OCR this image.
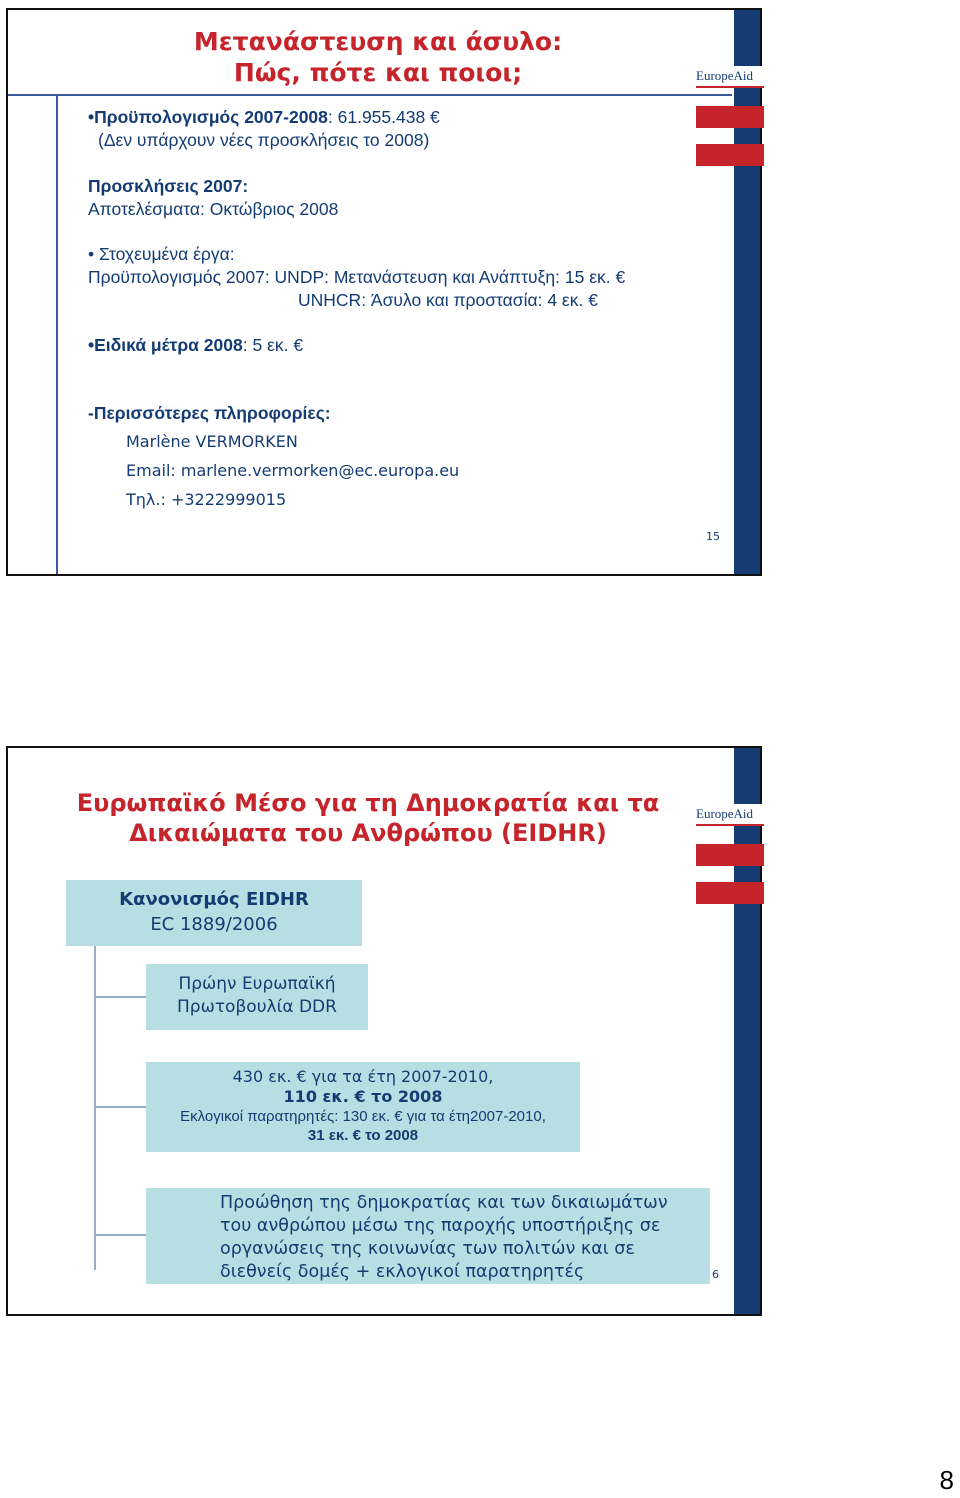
EuropeAid
Μετανάστευση και άσυλο:
Πώς, πότε και ποιοι;
•Προϋπολογισμός 2007-2008: 61.955.438 €
(Δεν υπάρχουν νέες προσκλήσεις το 2008)
Προσκλήσεις 2007:
Αποτελέσματα: Οκτώβριος 2008
• Στοχευμένα έργα:
Προϋπολογισμός 2007: UNDP: Μετανάστευση και Ανάπτυξη: 15 εκ. €
UNHCR: Άσυλο και προστασία: 4 εκ. €
•Ειδικά μέτρα 2008: 5 εκ. €
-Περισσότερες πληροφορίες:
Marlène VERMORKEN
Email: marlene.vermorken@ec.europa.eu
Τηλ.: +3222999015
15
EuropeAid
Ευρωπαϊκό Μέσο για τη Δημοκρατία και τα
Δικαιώματα του Ανθρώπου (EIDHR)
Κανονισμός EIDHR
EC 1889/2006
Πρώην Ευρωπαϊκή
Πρωτοβουλία DDR
430 εκ. € για τα έτη 2007-2010,
110 εκ. € το 2008
Εκλογικοί παρατηρητές: 130 εκ. € για τα έτη2007-2010,
31 εκ. € το 2008
Προώθηση της δημοκρατίας και των δικαιωμάτων
του ανθρώπου μέσω της παροχής υποστήριξης σε
οργανώσεις της κοινωνίας των πολιτών και σε
διεθνείς δομές + εκλογικοί παρατηρητές	6
8
